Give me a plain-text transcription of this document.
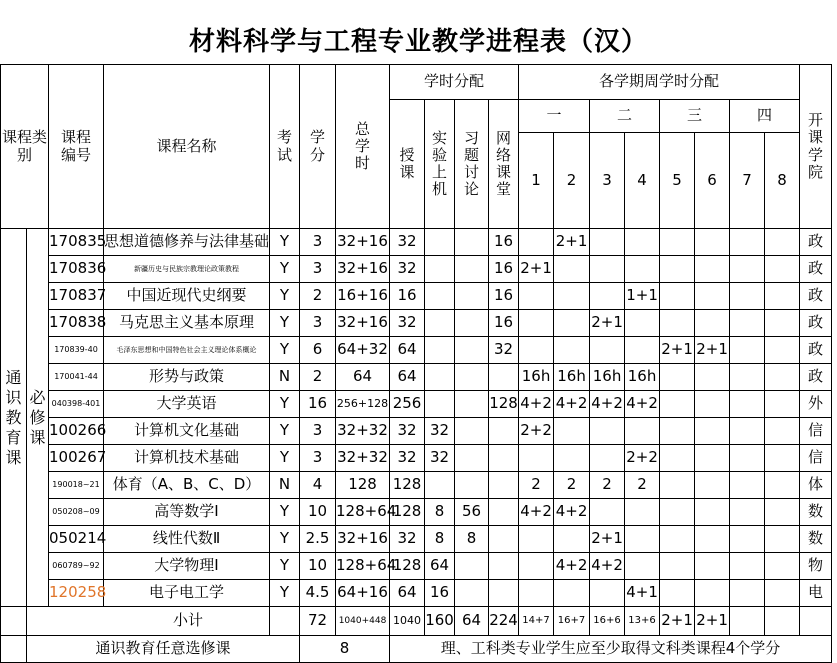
材料科学与工程专业教学进程表（汉）
课程类别		课程编号	课程名称	考试	学分	总学时	学时分配				各学期周学时分配								开课学院
							授课	实验上机	习题讨论	网络课堂	一		二		三		四		
											1	2	3	4	5	6	7	8	
通识教育课	必修课	170835	思想道德修养与法律基础	Y	3	32+16	32			16		2+1							政
		170836	新疆历史与民族宗教理论政策教程	Y	3	32+16	32			16	2+1								政
		170837	中国近现代史纲要	Y	2	16+16	16			16				1+1					政
		170838	马克思主义基本原理	Y	3	32+16	32			16			2+1						政
		170839-40	毛泽东思想和中国特色社会主义理论体系概论	Y	6	64+32	64			32					2+1	2+1			政
		170041-44	形势与政策	N	2	64	64				16h	16h	16h	16h					政
		040398-401	大学英语	Y	16	256+128	256			128	4+2	4+2	4+2	4+2					外
		100266	计算机文化基础	Y	3	32+32	32	32			2+2								信
		100267	计算机技术基础	Y	3	32+32	32	32						2+2					信
		190018~21	体育（A、B、C、D）	N	4	128	128				2	2	2	2					体
		050208~09	高等数学Ⅰ	Y	10	128+64	128	8	56		4+2	4+2							数
		050214	线性代数Ⅱ	Y	2.5	32+16	32	8	8				2+1						数
		060789~92	大学物理Ⅰ	Y	10	128+64	128	64				4+2	4+2						物
		120258	电子电工学	Y	4.5	64+16	64	16						4+1					电
	小计				72	1040+448	1040	160	64	224	14+7	16+7	16+6	13+6	2+1	2+1			
	通识教育任意选修课				8		理、工科类专业学生应至少取得文科类课程4个学分												
